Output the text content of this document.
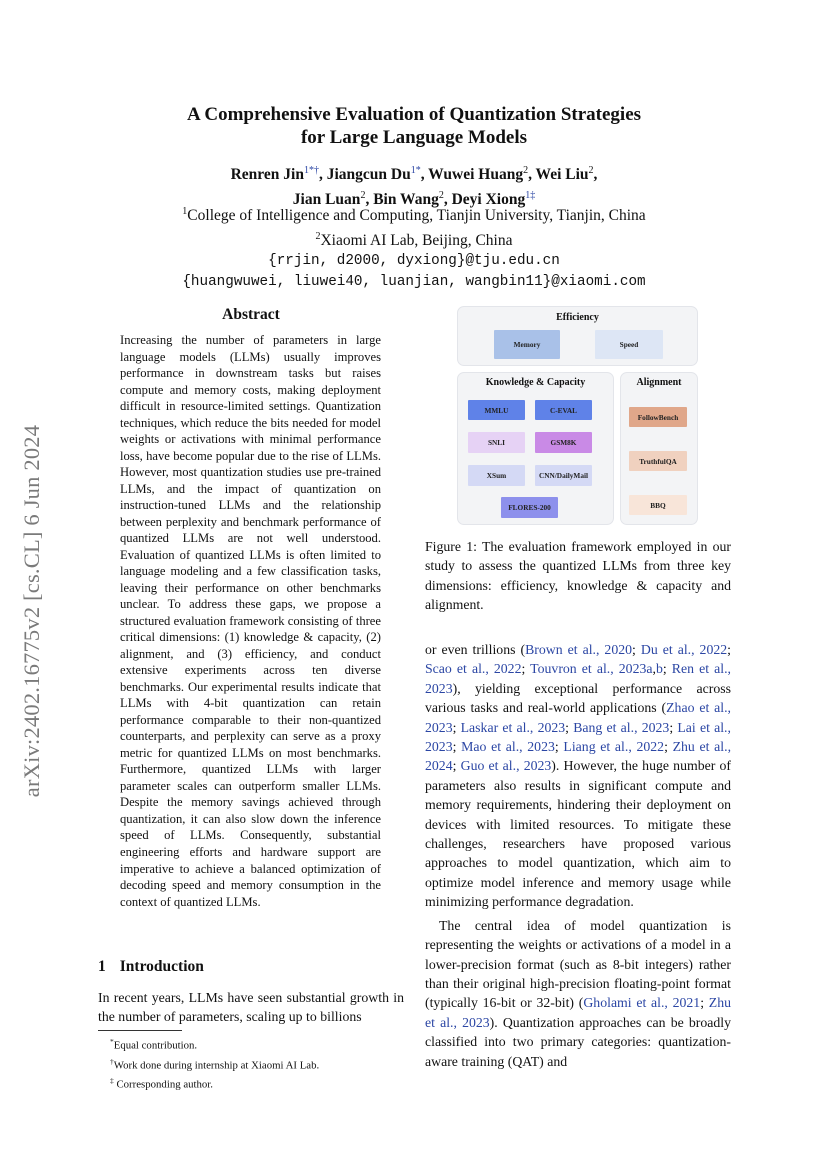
arXiv:2402.16775v2 [cs.CL] 6 Jun 2024
A Comprehensive Evaluation of Quantization Strategies
for Large Language Models
Renren Jin$^{1*\dagger}$, Jiangcun $Du^{1*}$, Wuwei Huang$^2$, Wei Liu$^2$,
Jian Luan$^2$, Bin Wang$^2$, Deyi Xiong$^{1\ddagger}$
$^1$College of Intelligence and Computing, Tianjin University, Tianjin, China
$^2$Xiaomi AI Lab, Beijing, China
{rrjin, d2000, dyxiong}@tju.edu.cn
{huangwuwei, liuwei40, luanjian, wangbin11}@xiaomi.com
Abstract
Increasing the number of parameters in large language models (LLMs) usually improves performance in downstream tasks but raises compute and memory costs, making deployment difficult in resource-limited settings. Quantization techniques, which reduce the bits needed for model weights or activations with minimal performance loss, have become popular due to the rise of LLMs. However, most quantization studies use pre-trained LLMs, and the impact of quantization on instruction-tuned LLMs and the relationship between perplexity and benchmark performance of quantized LLMs are not well understood. Evaluation of quantized LLMs is often limited to language modeling and a few classification tasks, leaving their performance on other benchmarks unclear. To address these gaps, we propose a structured evaluation framework consisting of three critical dimensions: (1) knowledge & capacity, (2) alignment, and (3) efficiency, and conduct extensive experiments across ten diverse benchmarks. Our experimental results indicate that LLMs with 4-bit quantization can retain performance comparable to their non-quantized counterparts, and perplexity can serve as a proxy metric for quantized LLMs on most benchmarks. Furthermore, quantized LLMs with larger parameter scales can outperform smaller LLMs. Despite the memory savings achieved through quantization, it can also slow down the inference speed of LLMs. Consequently, substantial engineering efforts and hardware support are imperative to achieve a balanced optimization of decoding speed and memory consumption in the context of quantized LLMs.
1 Introduction
In recent years, LLMs have seen substantial growth in the number of parameters, scaling up to billions
*Equal contribution.
†Work done during internship at Xiaomi AI Lab.
‡ Corresponding author.
Efficiency
Memory	Speed
Knowledge & Capacity
MMLU	C-EVAL
SNLI	GSM8K
XSum	CNN/DailyMail
FLORES-200
Alignment
FollowBench
TruthfulQA
BBQ
Figure 1: The evaluation framework employed in our study to assess the quantized LLMs from three key dimensions: efficiency, knowledge & capacity and alignment.

or even trillions (Brown et al., 2020; Du et al., 2022; Scao et al., 2022; Touvron et al., 2023a,b; Ren et al., 2023), yielding exceptional performance across various tasks and real-world applications (Zhao et al., 2023; Laskar et al., 2023; Bang et al., 2023; Lai et al., 2023; Mao et al., 2023; Liang et al., 2022; Zhu et al., 2024; Guo et al., 2023). However, the huge number of parameters also results in significant compute and memory requirements, hindering their deployment on devices with limited resources. To mitigate these challenges, researchers have proposed various approaches to model quantization, which aim to optimize model inference and memory usage while minimizing performance degradation.

The central idea of model quantization is representing the weights or activations of a model in a lower-precision format (such as 8-bit integers) rather than their original high-precision floating-point format (typically 16-bit or 32-bit) (Gholami et al., 2021; Zhu et al., 2023). Quantization approaches can be broadly classified into two primary categories: quantization-aware training (QAT) and
